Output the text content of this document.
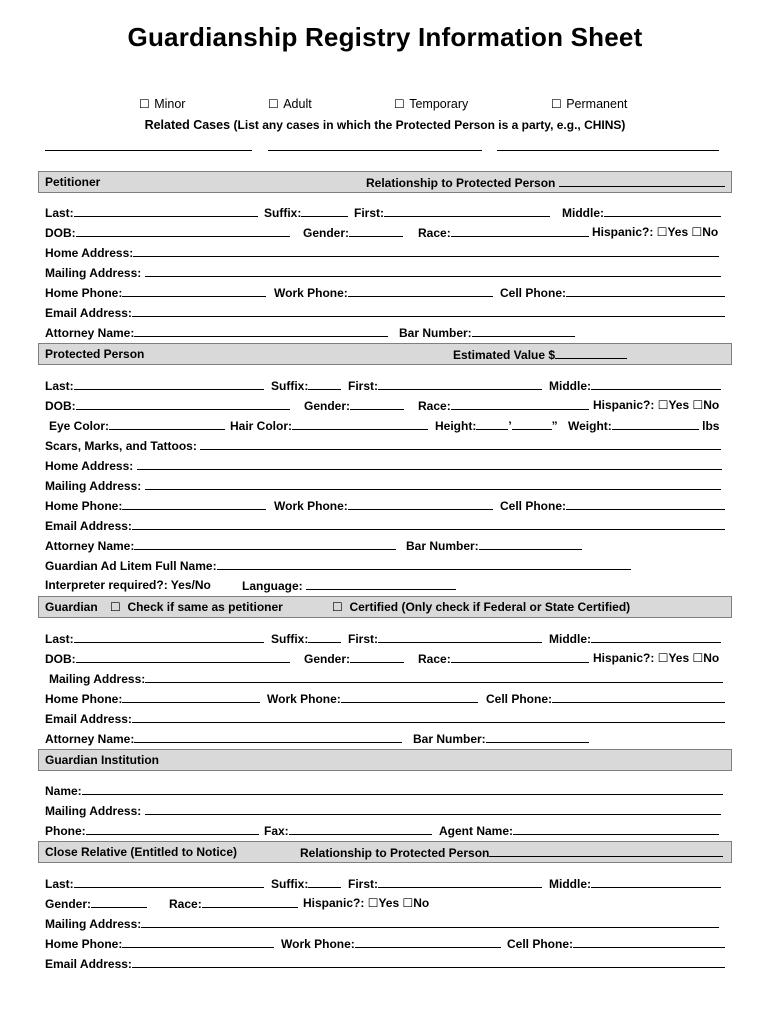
Guardianship Registry Information Sheet
☐ Minor	☐ Adult	☐ Temporary	☐ Permanent
Related Cases (List any cases in which the Protected Person is a party, e.g., CHINS)
Petitioner	Relationship to Protected Person
Last:	Suffix:	First:	Middle:
DOB:	Gender:	Race:	Hispanic?: ☐Yes ☐No
Home Address:
Mailing Address:
Home Phone:	Work Phone:	Cell Phone:
Email Address:
Attorney Name:	Bar Number:
Protected Person	Estimated Value $
Last:	Suffix:	First:	Middle:
DOB:	Gender:	Race:	Hispanic?: ☐Yes ☐No
Eye Color:	Hair Color:	Height:	’	” Weight:	lbs
Scars, Marks, and Tattoos:
Home Address:
Mailing Address:
Home Phone:	Work Phone:	Cell Phone:
Email Address:
Attorney Name:	Bar Number:
Guardian Ad Litem Full Name:
Interpreter required?: Yes/No	Language:
Guardian ☐ Check if same as petitioner	☐ Certified (Only check if Federal or State Certified)
Last:	Suffix:	First:	Middle:
DOB:	Gender:	Race:	Hispanic?: ☐Yes ☐No
Mailing Address:
Home Phone:	Work Phone:	Cell Phone:
Email Address:
Attorney Name:	Bar Number:
Guardian Institution
Name:
Mailing Address:
Phone:	Fax:	Agent Name:
Close Relative (Entitled to Notice)	Relationship to Protected Person
Last:	Suffix:	First:	Middle:
Gender:	Race:	Hispanic?: ☐Yes ☐No
Mailing Address:
Home Phone:	Work Phone:	Cell Phone:
Email Address:
